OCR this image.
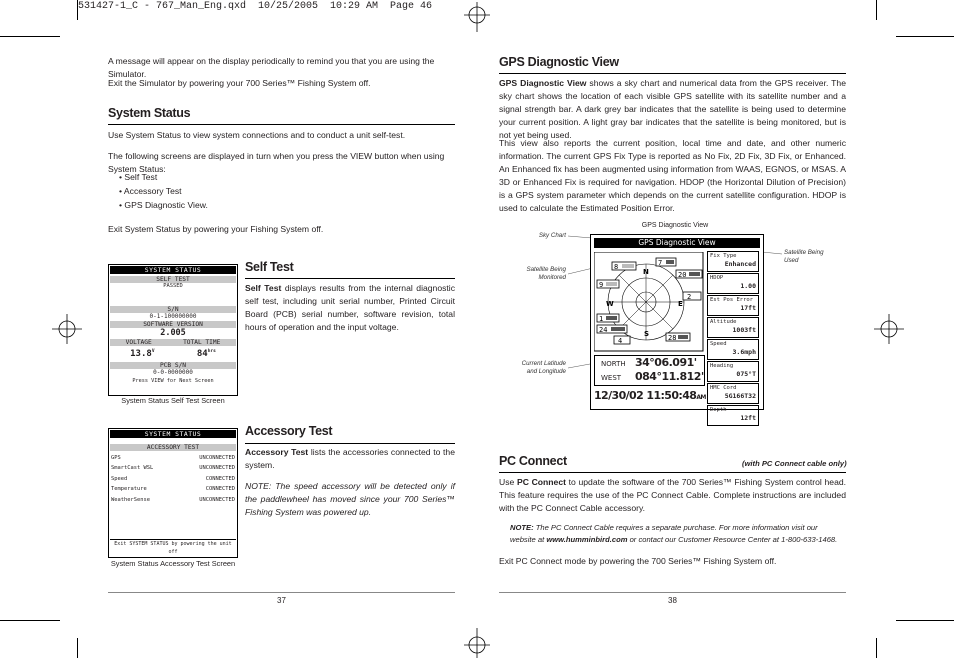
531427-1_C - 767_Man_Eng.qxd  10/25/2005  10:29 AM  Page 46

A message will appear on the display periodically to remind you that you are using the Simulator.

Exit the Simulator by powering your 700 Series™ Fishing System off.

System Status

Use System Status to view system connections and to conduct a unit self-test.

The following screens are displayed in turn when you press the VIEW button when using System Status:

• Self Test
• Accessory Test
• GPS Diagnostic View.

Exit System Status by powering your Fishing System off.

SYSTEM STATUS
SELF TEST
PASSED
S/N
0-1-100000000
SOFTWARE VERSION
2.005
VOLTAGE	TOTAL TIME
$13.8^V$	$84^{hrs}$
PCB S/N
0-0-0000000
Press VIEW for Next Screen
System Status Self Test Screen
Self Test

Self Test displays results from the internal diagnostic self test, including unit serial number, Printed Circuit Board (PCB) serial number, software revision, total hours of operation and the input voltage.

SYSTEM STATUS
ACCESSORY TEST
GPS	UNCONNECTED
SmartCast WSL	UNCONNECTED
Speed	CONNECTED
Temperature	CONNECTED
WeatherSense	UNCONNECTED
Exit SYSTEM STATUS by powering the unit off
System Status Accessory Test Screen
Accessory Test

Accessory Test lists the accessories connected to the system.

NOTE: The speed accessory will be detected only if the paddlewheel has moved since your 700 Series™ Fishing System was powered up.

37
GPS Diagnostic View

GPS Diagnostic View shows a sky chart and numerical data from the GPS receiver. The sky chart shows the location of each visible GPS satellite with its satellite number and a signal strength bar. A dark grey bar indicates that the satellite is being used to determine your current position. A light gray bar indicates that the satellite is being monitored, but is not yet being used.

This view also reports the current position, local time and date, and other numeric information. The current GPS Fix Type is reported as No Fix, 2D Fix, 3D Fix, or Enhanced. An Enhanced fix has been augmented using information from WAAS, EGNOS, or MSAS. A 3D or Enhanced Fix is required for navigation. HDOP (the Horizontal Dilution of Precision) is a GPS system parameter which depends on the current satellite configuration. HDOP is used to calculate the Estimated Position Error.

GPS Diagnostic View
Sky Chart
Satellite Being Monitored
Satellite Being Used
Current Latitude and Longitude
GPS Diagnostic View
N
E
S
W
7
8
20
9
2
1
24
4	28
NORTH 34°06.091'
WEST	084°11.812'
12/30/02 11:50:48AM
Fix Type
Enhanced
HDOP
1.00
Est Pos Error
17ft
Altitude
1003ft
Speed
3.6mph
Heading
075°T
HMC Cord
5G166T32
Depth
12ft
PC Connect	(with PC Connect cable only)

Use PC Connect to update the software of the 700 Series™ Fishing System control head. This feature requires the use of the PC Connect Cable. Complete instructions are included with the PC Connect Cable accessory.

NOTE: The PC Connect Cable requires a separate purchase. For more information visit our website at www.humminbird.com or contact our Customer Resource Center at 1-800-633-1468.

Exit PC Connect mode by powering the 700 Series™ Fishing System off.

38
